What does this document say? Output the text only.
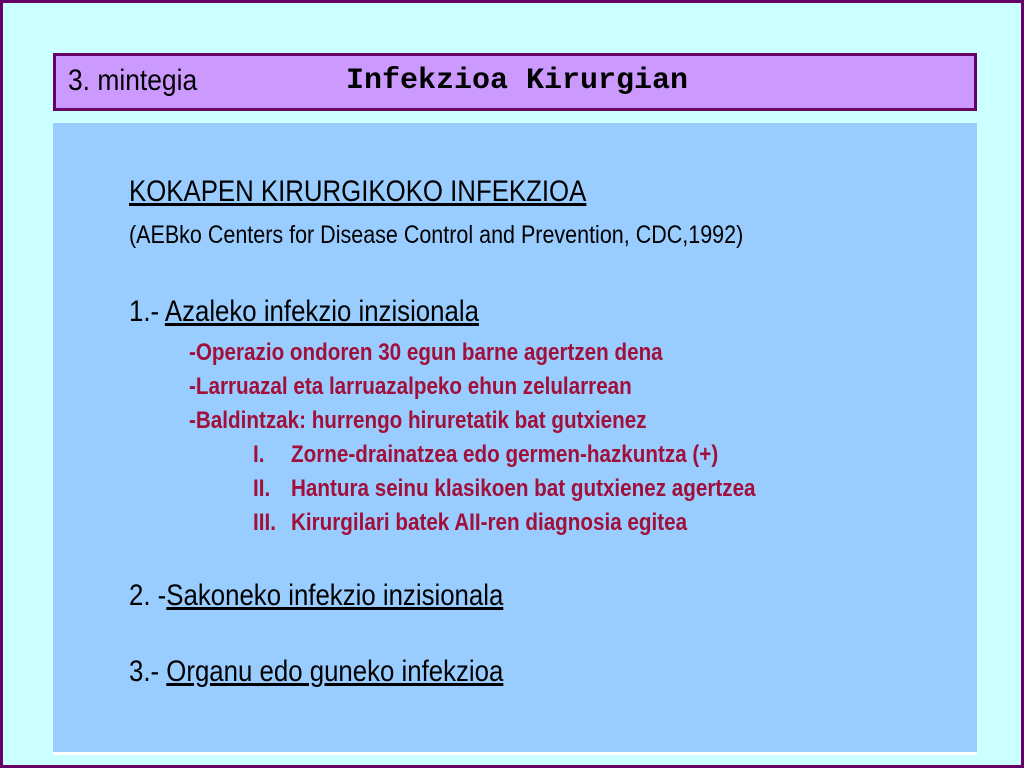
3. mintegia	Infekzioa Kirurgian
KOKAPEN KIRURGIKOKO INFEKZIOA
(AEBko Centers for Disease Control and Prevention, CDC,1992)
1.- Azaleko infekzio inzisionala
-Operazio ondoren 30 egun barne agertzen dena
-Larruazal eta larruazalpeko ehun zelularrean
-Baldintzak: hurrengo hiruretatik bat gutxienez
I. Zorne-drainatzea edo germen-hazkuntza (+)
II. Hantura seinu klasikoen bat gutxienez agertzea
III. Kirurgilari batek AII-ren diagnosia egitea
2. -Sakoneko infekzio inzisionala
3.- Organu edo guneko infekzioa
